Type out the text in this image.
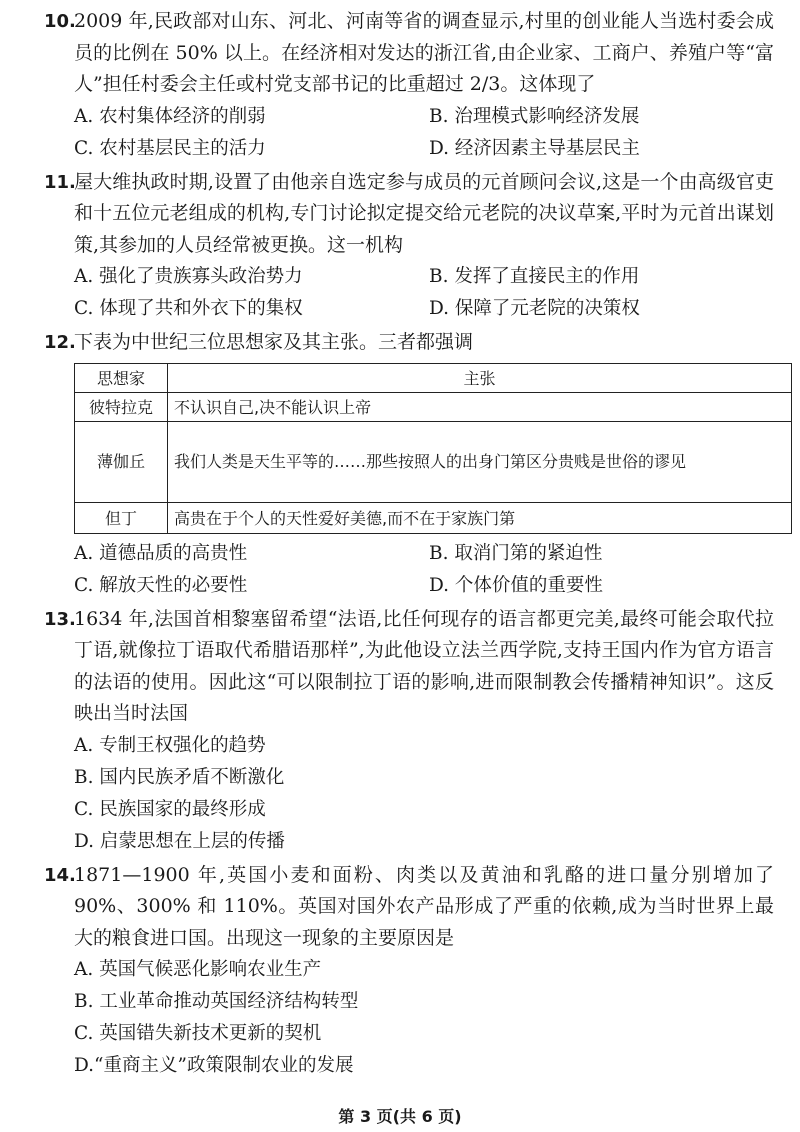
10.2009 年,民政部对山东、河北、河南等省的调查显示,村里的创业能人当选村委会成员的比例在 50% 以上。在经济相对发达的浙江省,由企业家、工商户、养殖户等“富人”担任村委会主任或村党支部书记的比重超过 2/3。这体现了

A. 农村集体经济的削弱	B. 治理模式影响经济发展
C. 农村基层民主的活力	D. 经济因素主导基层民主

11.屋大维执政时期,设置了由他亲自选定参与成员的元首顾问会议,这是一个由高级官吏和十五位元老组成的机构,专门讨论拟定提交给元老院的决议草案,平时为元首出谋划策,其参加的人员经常被更换。这一机构

A. 强化了贵族寡头政治势力	B. 发挥了直接民主的作用
C. 体现了共和外衣下的集权	D. 保障了元老院的决策权

12.下表为中世纪三位思想家及其主张。三者都强调

思想家	主张
彼特拉克	不认识自己,决不能认识上帝
薄伽丘	我们人类是天生平等的……那些按照人的出身门第区分贵贱是世俗的谬见
但丁	高贵在于个人的天性爱好美德,而不在于家族门第
A. 道德品质的高贵性	B. 取消门第的紧迫性
C. 解放天性的必要性	D. 个体价值的重要性

13.1634 年,法国首相黎塞留希望“法语,比任何现存的语言都更完美,最终可能会取代拉丁语,就像拉丁语取代希腊语那样”,为此他设立法兰西学院,支持王国内作为官方语言的法语的使用。因此这“可以限制拉丁语的影响,进而限制教会传播精神知识”。这反映出当时法国

A. 专制王权强化的趋势
B. 国内民族矛盾不断激化
C. 民族国家的最终形成
D. 启蒙思想在上层的传播

14.1871—1900 年,英国小麦和面粉、肉类以及黄油和乳酪的进口量分别增加了 90%、300% 和 110%。英国对国外农产品形成了严重的依赖,成为当时世界上最大的粮食进口国。出现这一现象的主要原因是

A. 英国气候恶化影响农业生产
B. 工业革命推动英国经济结构转型
C. 英国错失新技术更新的契机
D.“重商主义”政策限制农业的发展
第 3 页(共 6 页)
